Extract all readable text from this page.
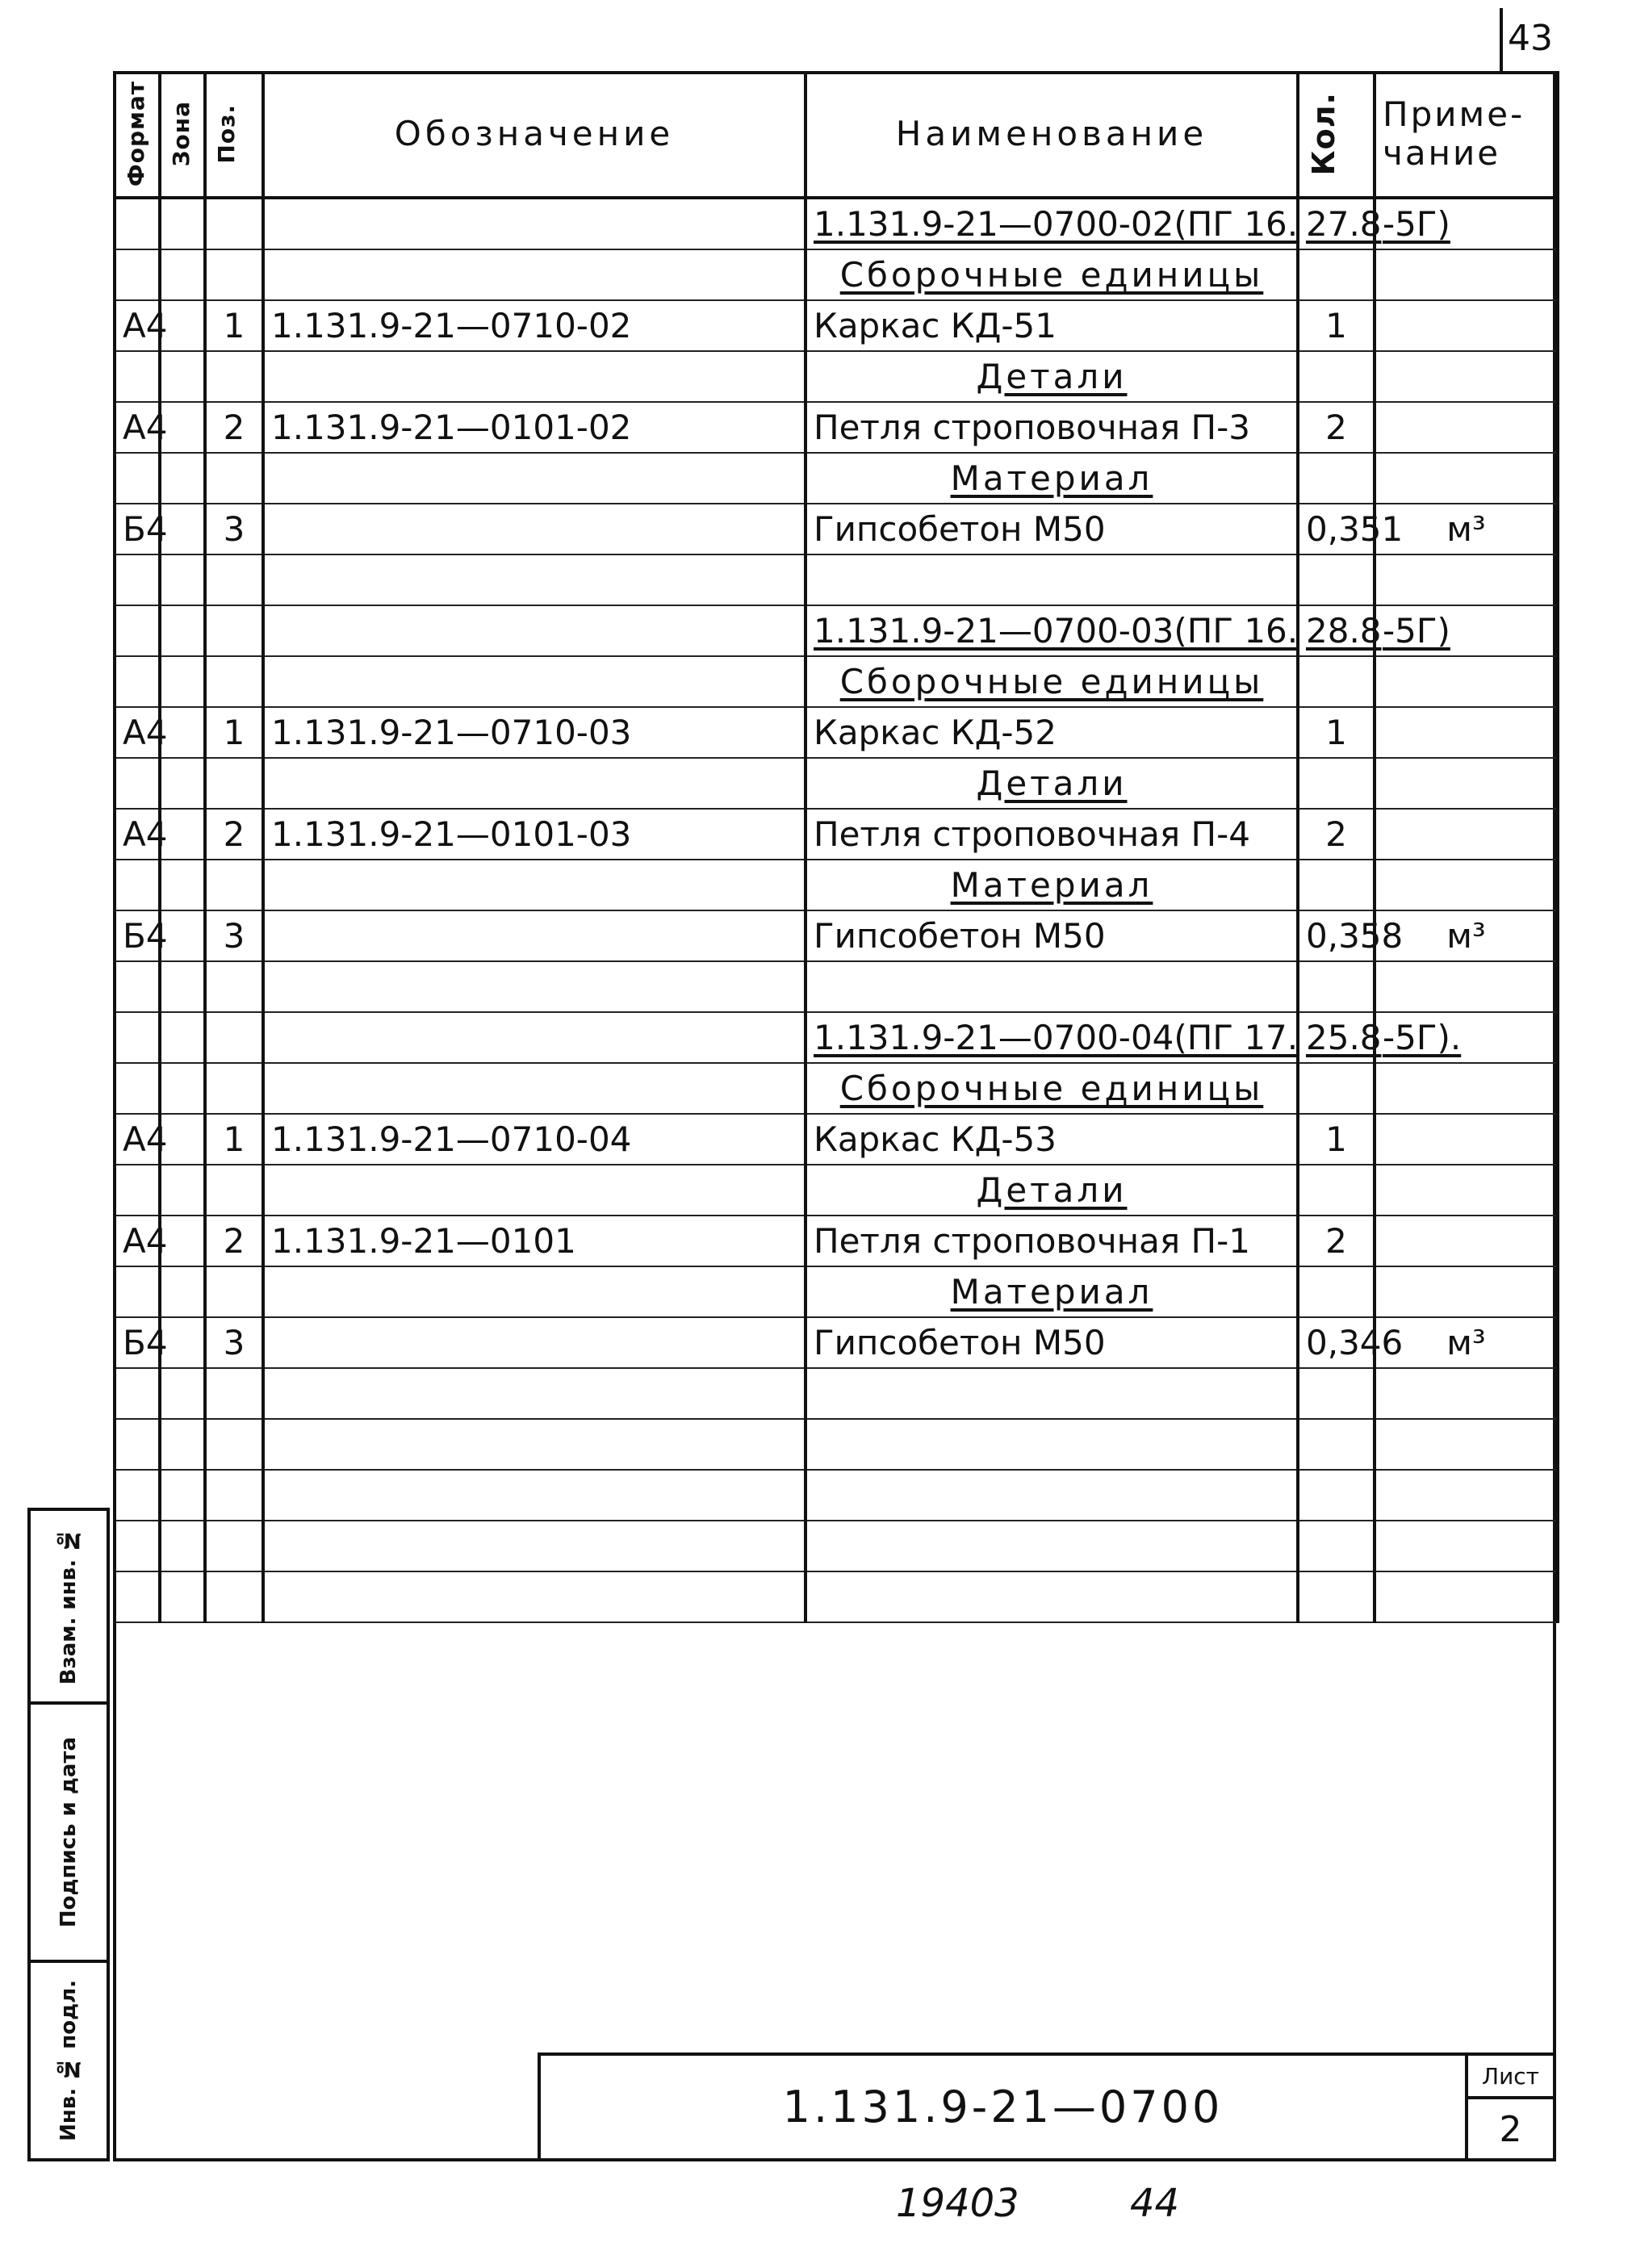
43
Формат	Зона	Поз.	Обозначение	Наименование	Кол.	Приме-
чание
				1.131.9-21—0700-02(ПГ 16.	27.8	-5Г)
				Сборочные единицы		
А4		1	1.131.9-21—0710-02	Каркас КД-51	1	
				Детали		
А4		2	1.131.9-21—0101-02	Петля строповочная П-3	2	
				Материал		
Б4		3		Гипсобетон М50	0,351	м³

				1.131.9-21—0700-03(ПГ 16.	28.8	-5Г)
				Сборочные единицы		
А4		1	1.131.9-21—0710-03	Каркас КД-52	1	
				Детали		
А4		2	1.131.9-21—0101-03	Петля строповочная П-4	2	
				Материал		
Б4		3		Гипсобетон М50	0,358	м³

				1.131.9-21—0700-04(ПГ 17.	25.8	-5Г).
				Сборочные единицы		
А4		1	1.131.9-21—0710-04	Каркас КД-53	1	
				Детали		
А4		2	1.131.9-21—0101	Петля строповочная П-1	2	
				Материал		
Б4		3		Гипсобетон М50	0,346	м³

Взам. инв. №
Подпись и дата
Инв. № подл.	1.131.9-21—0700
Лист
2
19403	44
